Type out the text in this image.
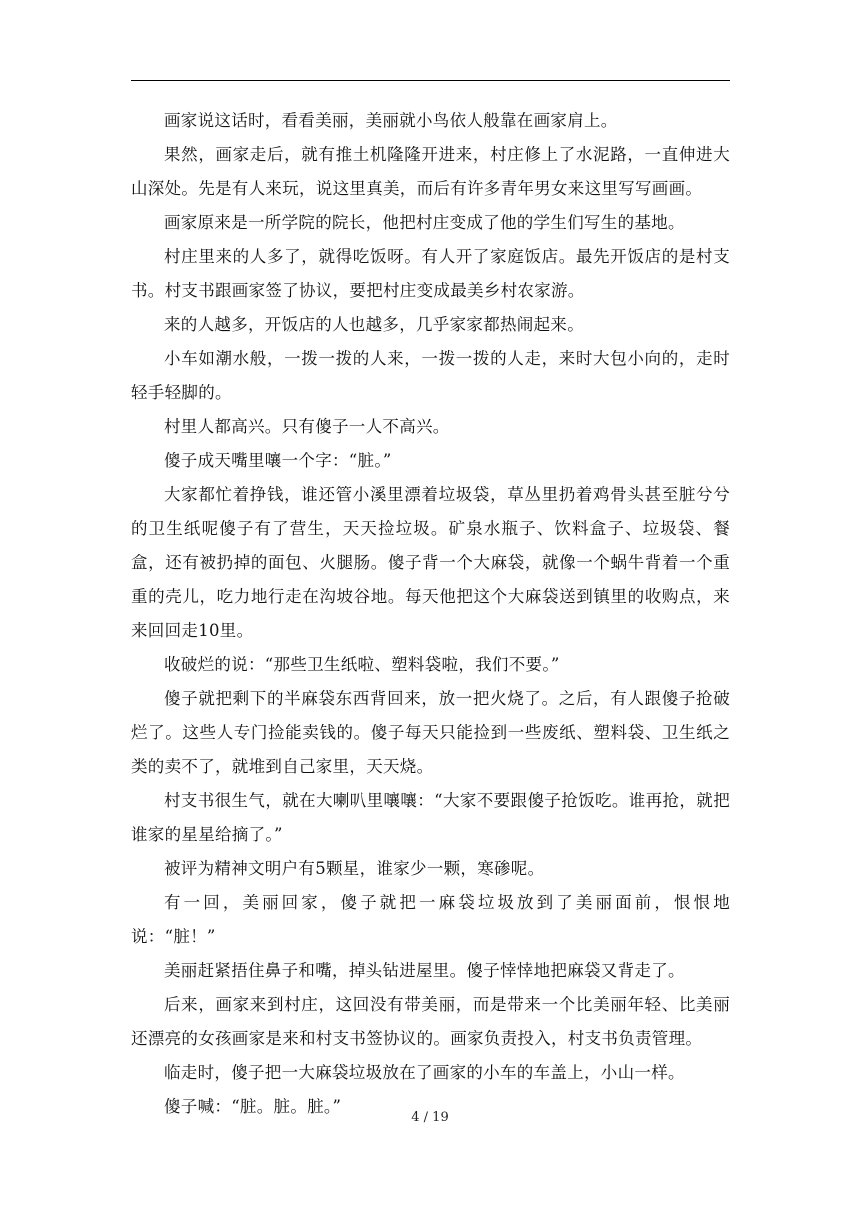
画家说这话时，看看美丽，美丽就小鸟依人般靠在画家肩上。

果然，画家走后，就有推土机隆隆开进来，村庄修上了水泥路，一直伸进大山深处。先是有人来玩，说这里真美，而后有许多青年男女来这里写写画画。

画家原来是一所学院的院长，他把村庄变成了他的学生们写生的基地。

村庄里来的人多了，就得吃饭呀。有人开了家庭饭店。最先开饭店的是村支书。村支书跟画家签了协议，要把村庄变成最美乡村农家游。

来的人越多，开饭店的人也越多，几乎家家都热闹起来。

小车如潮水般，一拨一拨的人来，一拨一拨的人走，来时大包小向的，走时轻手轻脚的。

村里人都高兴。只有傻子一人不高兴。

傻子成天嘴里嚷一个字：“脏。”

大家都忙着挣钱，谁还管小溪里漂着垃圾袋，草丛里扔着鸡骨头甚至脏兮兮的卫生纸呢傻子有了营生，天天捡垃圾。矿泉水瓶子、饮料盒子、垃圾袋、餐盒，还有被扔掉的面包、火腿肠。傻子背一个大麻袋，就像一个蜗牛背着一个重重的壳儿，吃力地行走在沟坡谷地。每天他把这个大麻袋送到镇里的收购点，来来回回走10里。

收破烂的说：“那些卫生纸啦、塑料袋啦，我们不要。”

傻子就把剩下的半麻袋东西背回来，放一把火烧了。之后，有人跟傻子抢破烂了。这些人专门捡能卖钱的。傻子每天只能捡到一些废纸、塑料袋、卫生纸之类的卖不了，就堆到自己家里，天天烧。

村支书很生气，就在大喇叭里嚷嚷：“大家不要跟傻子抢饭吃。谁再抢，就把谁家的星星给摘了。”

被评为精神文明户有5颗星，谁家少一颗，寒碜呢。

有一回，美丽回家，傻子就把一麻袋垃圾放到了美丽面前，恨恨地说：“脏！”

美丽赶紧捂住鼻子和嘴，掉头钻进屋里。傻子悻悻地把麻袋又背走了。

后来，画家来到村庄，这回没有带美丽，而是带来一个比美丽年轻、比美丽还漂亮的女孩画家是来和村支书签协议的。画家负责投入，村支书负责管理。

临走时，傻子把一大麻袋垃圾放在了画家的小车的车盖上，小山一样。

傻子喊：“脏。脏。脏。”

4 / 19
